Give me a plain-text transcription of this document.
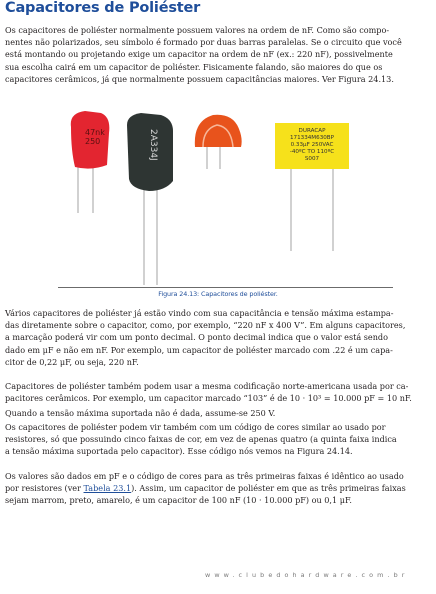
Capacitores de Poliéster
Os capacitores de poliéster normalmente possuem valores na ordem de nF. Como são compo-
nentes não polarizados, seu símbolo é formado por duas barras paralelas. Se o circuito que você
está montando ou projetando exige um capacitor na ordem de nF (ex.: 220 nF), possivelmente
sua escolha cairá em um capacitor de poliéster. Fisicamente falando, são maiores do que os
capacitores cerâmicos, já que normalmente possuem capacitâncias maiores. Ver Figura 24.13.
47nk
250	2A334J	DURACAP
171334M630BP
0.33μF 250VAC
-40ºC TO 110ºC
S007
Figura 24.13: Capacitores de poliéster.
Vários capacitores de poliéster já estão vindo com sua capacitância e tensão máxima estampa-
das diretamente sobre o capacitor, como, por exemplo, “220 nF x 400 V”. Em alguns capacitores,
a marcação poderá vir com um ponto decimal. O ponto decimal indica que o valor está sendo
dado em μF e não em nF. Por exemplo, um capacitor de poliéster marcado com .22 é um capa-
citor de 0,22 μF, ou seja, 220 nF.
Capacitores de poliéster também podem usar a mesma codificação norte-americana usada por ca-
pacitores cerâmicos. Por exemplo, um capacitor marcado “103” é de 10 · 10³ = 10.000 pF = 10 nF.
Quando a tensão máxima suportada não é dada, assume-se 250 V.
Os capacitores de poliéster podem vir também com um código de cores similar ao usado por
resistores, só que possuindo cinco faixas de cor, em vez de apenas quatro (a quinta faixa indica
a tensão máxima suportada pelo capacitor). Esse código nós vemos na Figura 24.14.
Os valores são dados em pF e o código de cores para as três primeiras faixas é idêntico ao usado
por resistores (ver Tabela 23.1). Assim, um capacitor de poliéster em que as três primeiras faixas
sejam marrom, preto, amarelo, é um capacitor de 100 nF (10 · 10.000 pF) ou 0,1 μF.
www.clubedohardware.com.br
